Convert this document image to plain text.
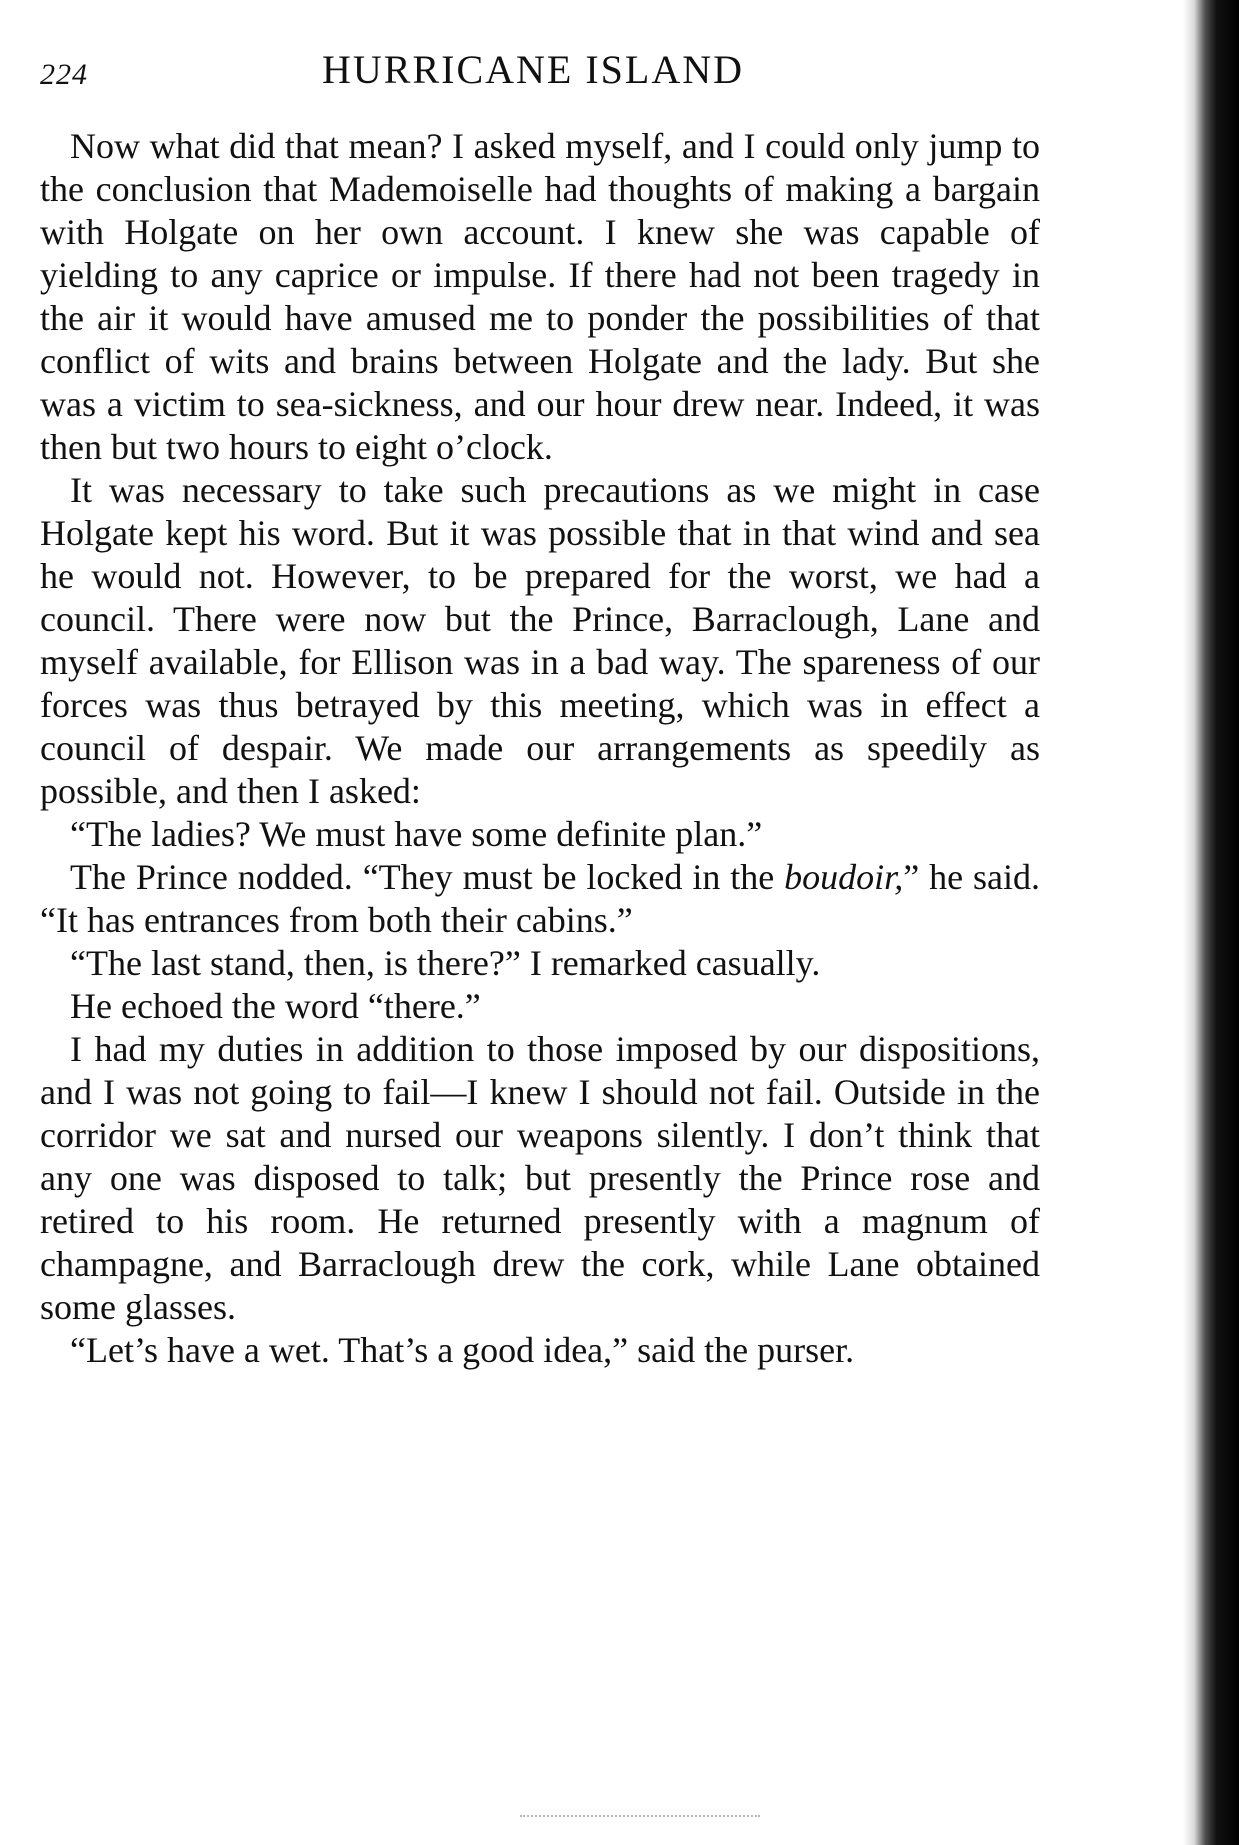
224	HURRICANE ISLAND

Now what did that mean? I asked myself, and I could only jump to the conclusion that Mademoiselle had thoughts of making a bargain with Holgate on her own account. I knew she was capable of yielding to any caprice or impulse. If there had not been tragedy in the air it would have amused me to ponder the possibilities of that conflict of wits and brains between Holgate and the lady. But she was a victim to sea-sickness, and our hour drew near. Indeed, it was then but two hours to eight o’clock.

It was necessary to take such precautions as we might in case Holgate kept his word. But it was possible that in that wind and sea he would not. However, to be prepared for the worst, we had a council. There were now but the Prince, Barraclough, Lane and myself available, for Ellison was in a bad way. The spareness of our forces was thus betrayed by this meeting, which was in effect a council of despair. We made our arrangements as speedily as possible, and then I asked:

“The ladies? We must have some definite plan.”

The Prince nodded. “They must be locked in the boudoir,” he said. “It has entrances from both their cabins.”

“The last stand, then, is there?” I remarked casually.

He echoed the word “there.”

I had my duties in addition to those imposed by our dispositions, and I was not going to fail—I knew I should not fail. Outside in the corridor we sat and nursed our weapons silently. I don’t think that any one was disposed to talk; but presently the Prince rose and retired to his room. He returned presently with a magnum of champagne, and Barraclough drew the cork, while Lane obtained some glasses.

“Let’s have a wet. That’s a good idea,” said the purser.
